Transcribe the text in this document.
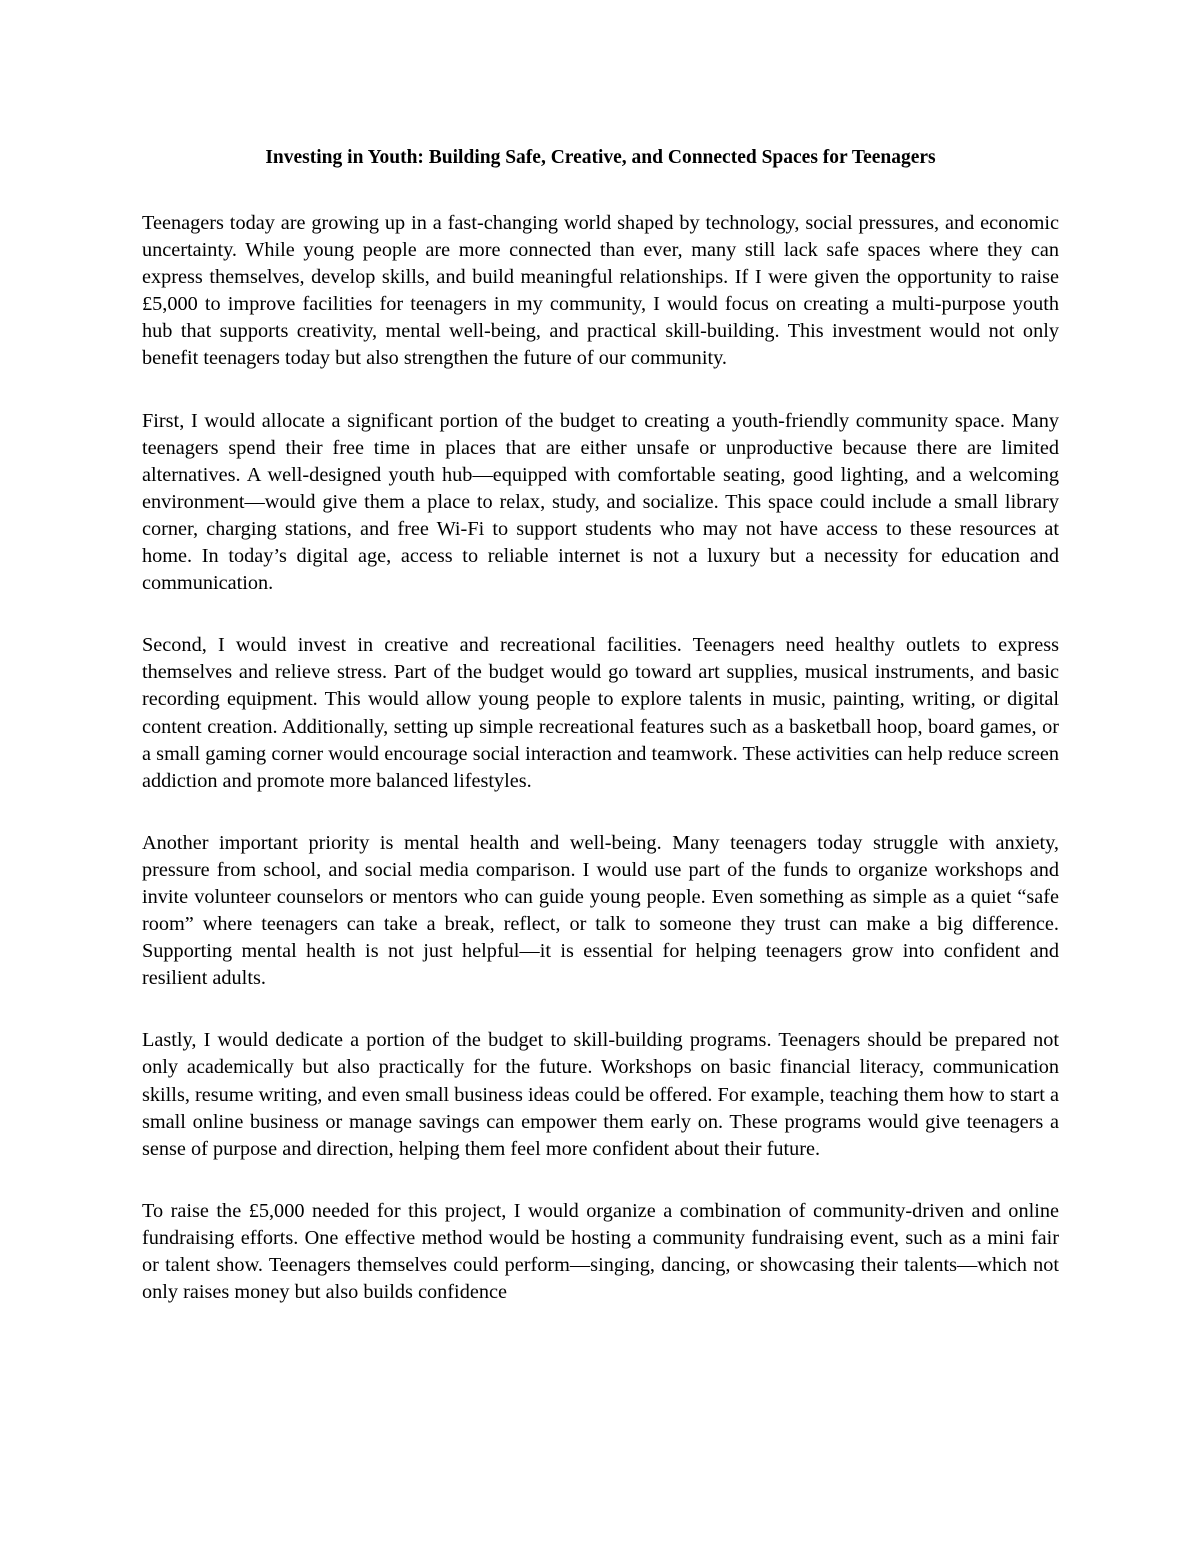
Investing in Youth: Building Safe, Creative, and Connected Spaces for Teenagers

Teenagers today are growing up in a fast-changing world shaped by technology, social pressures, and economic uncertainty. While young people are more connected than ever, many still lack safe spaces where they can express themselves, develop skills, and build meaningful relationships. If I were given the opportunity to raise £5,000 to improve facilities for teenagers in my community, I would focus on creating a multi-purpose youth hub that supports creativity, mental well-being, and practical skill-building. This investment would not only benefit teenagers today but also strengthen the future of our community.

First, I would allocate a significant portion of the budget to creating a youth-friendly community space. Many teenagers spend their free time in places that are either unsafe or unproductive because there are limited alternatives. A well-designed youth hub—equipped with comfortable seating, good lighting, and a welcoming environment—would give them a place to relax, study, and socialize. This space could include a small library corner, charging stations, and free Wi-Fi to support students who may not have access to these resources at home. In today’s digital age, access to reliable internet is not a luxury but a necessity for education and communication.

Second, I would invest in creative and recreational facilities. Teenagers need healthy outlets to express themselves and relieve stress. Part of the budget would go toward art supplies, musical instruments, and basic recording equipment. This would allow young people to explore talents in music, painting, writing, or digital content creation. Additionally, setting up simple recreational features such as a basketball hoop, board games, or a small gaming corner would encourage social interaction and teamwork. These activities can help reduce screen addiction and promote more balanced lifestyles.

Another important priority is mental health and well-being. Many teenagers today struggle with anxiety, pressure from school, and social media comparison. I would use part of the funds to organize workshops and invite volunteer counselors or mentors who can guide young people. Even something as simple as a quiet “safe room” where teenagers can take a break, reflect, or talk to someone they trust can make a big difference. Supporting mental health is not just helpful—it is essential for helping teenagers grow into confident and resilient adults.

Lastly, I would dedicate a portion of the budget to skill-building programs. Teenagers should be prepared not only academically but also practically for the future. Workshops on basic financial literacy, communication skills, resume writing, and even small business ideas could be offered. For example, teaching them how to start a small online business or manage savings can empower them early on. These programs would give teenagers a sense of purpose and direction, helping them feel more confident about their future.

To raise the £5,000 needed for this project, I would organize a combination of community-driven and online fundraising efforts. One effective method would be hosting a community fundraising event, such as a mini fair or talent show. Teenagers themselves could perform—singing, dancing, or showcasing their talents—which not only raises money but also builds confidence
